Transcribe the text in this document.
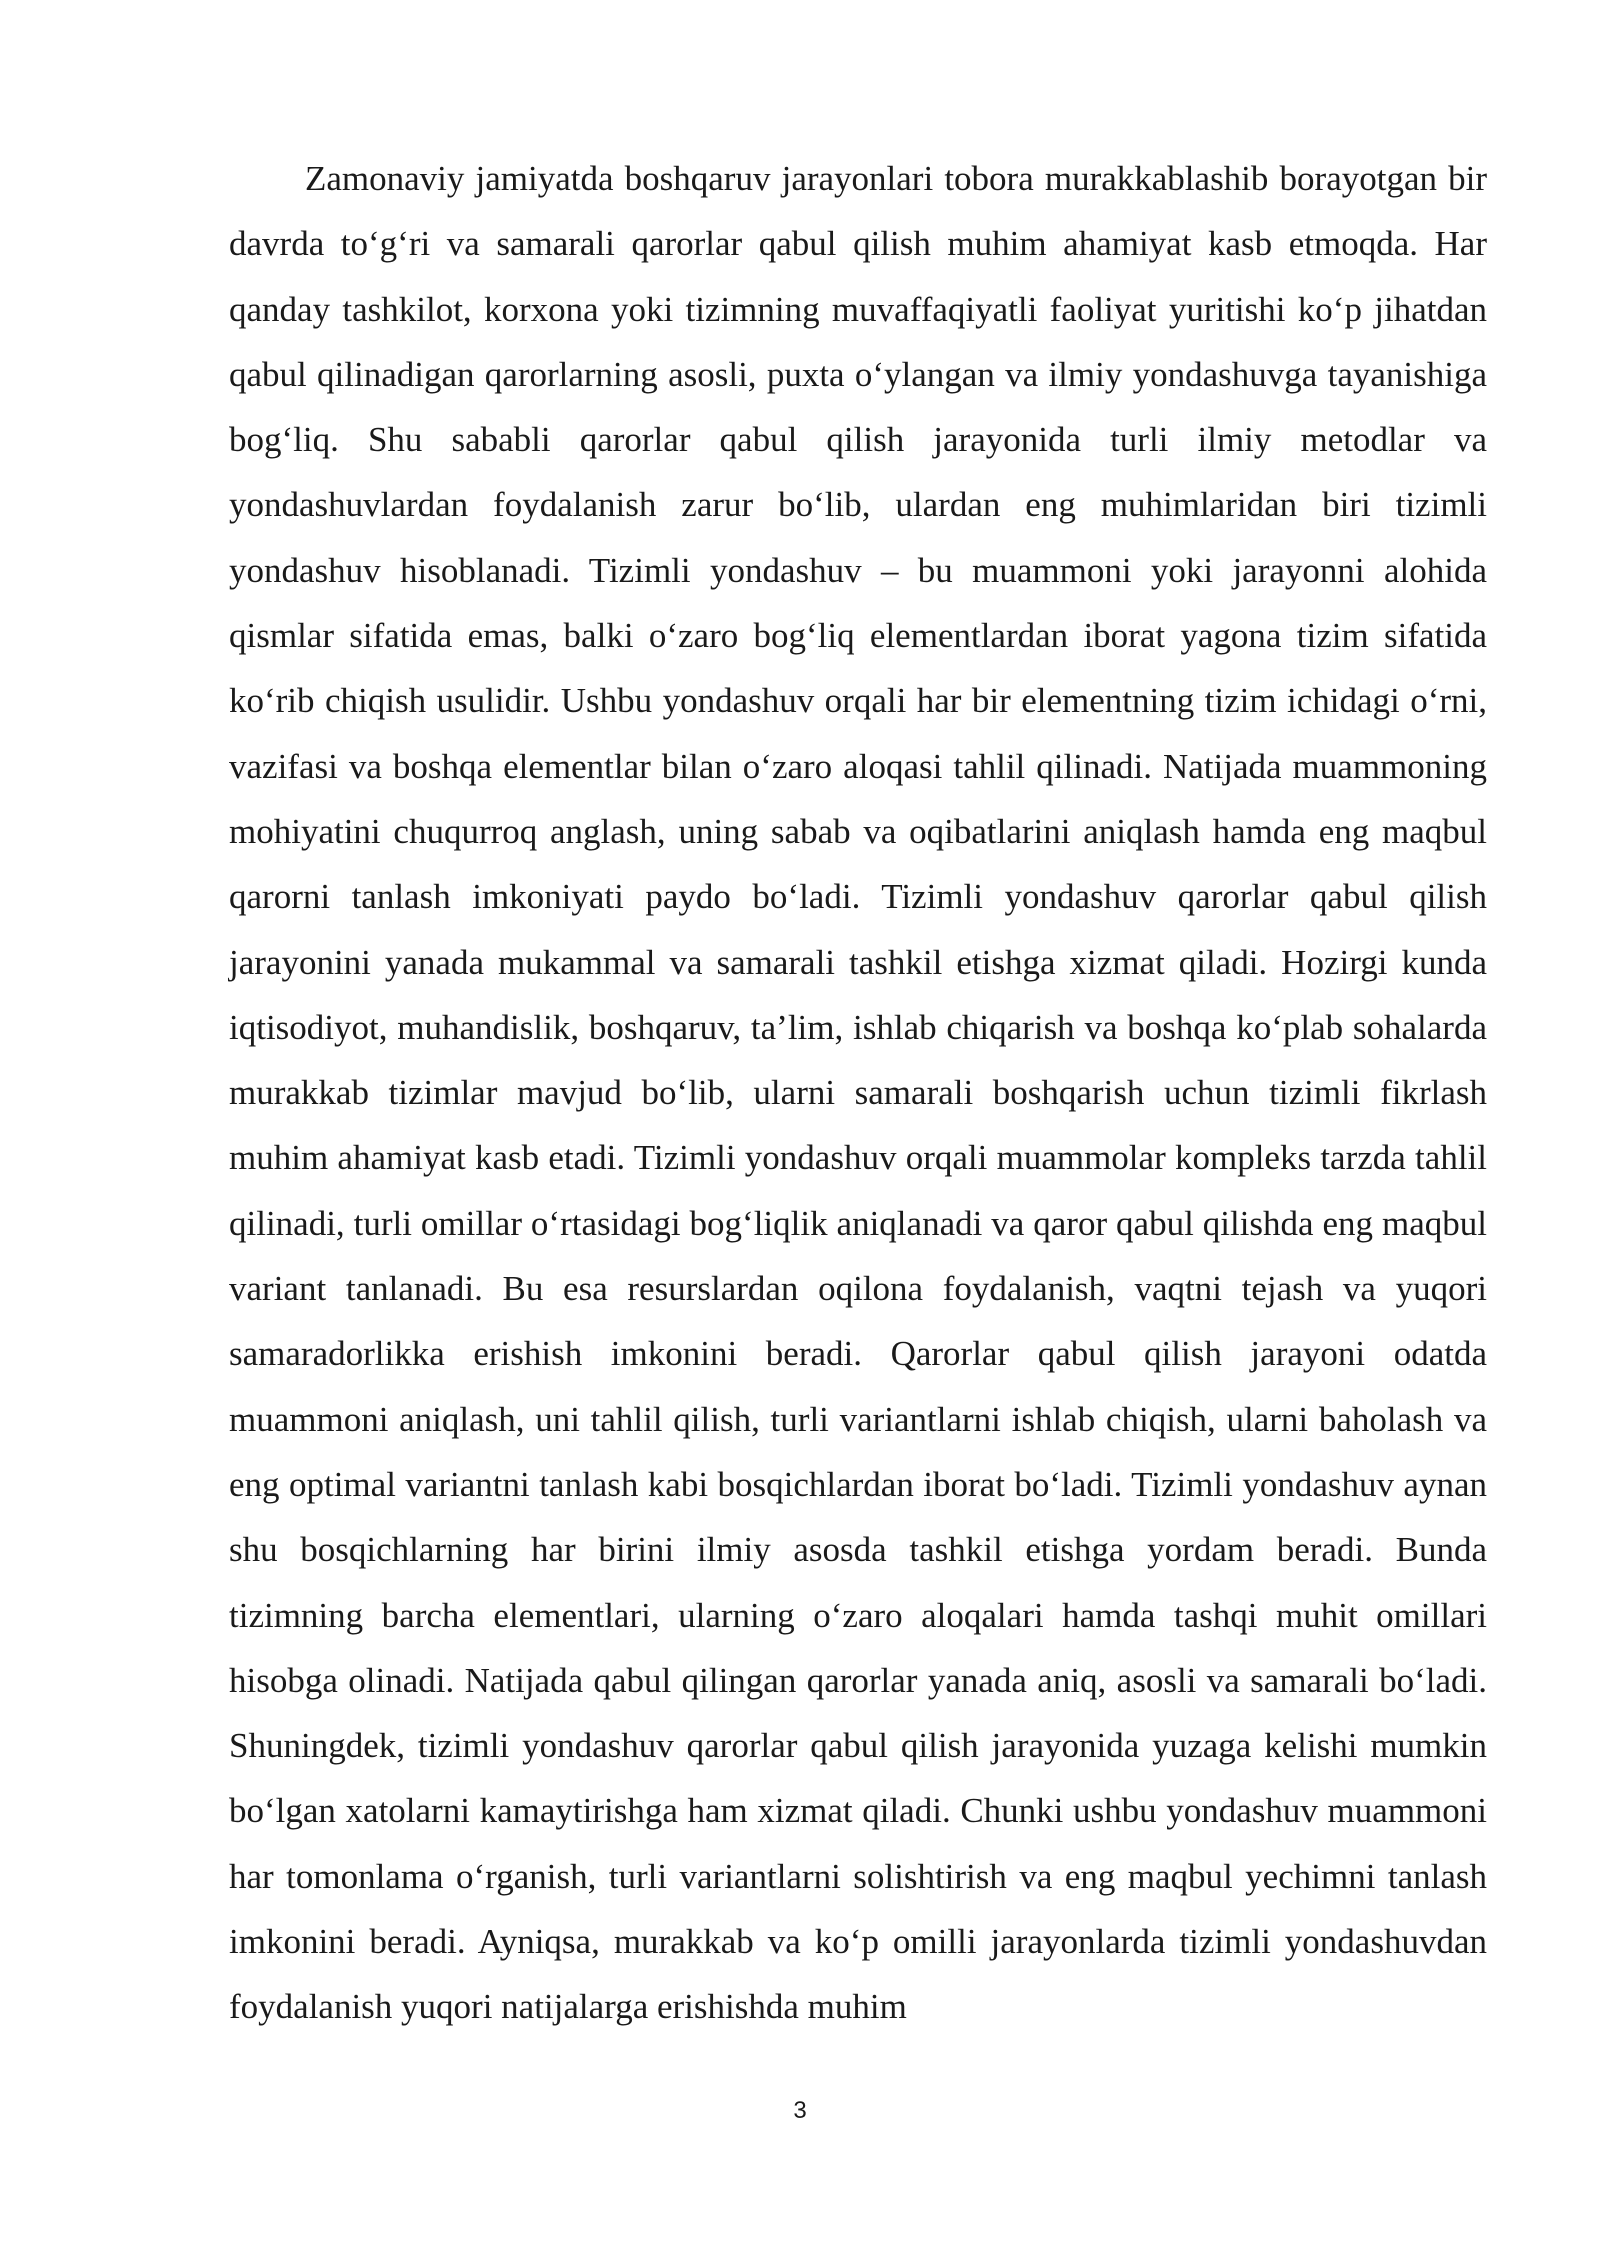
Zamonaviy jamiyatda boshqaruv jarayonlari tobora murakkablashib borayotgan bir davrda to‘g‘ri va samarali qarorlar qabul qilish muhim ahamiyat kasb etmoqda. Har qanday tashkilot, korxona yoki tizimning muvaffaqiyatli faoliyat yuritishi ko‘p jihatdan qabul qilinadigan qarorlarning asosli, puxta o‘ylangan va ilmiy yondashuvga tayanishiga bog‘liq. Shu sababli qarorlar qabul qilish jarayonida turli ilmiy metodlar va yondashuvlardan foydalanish zarur bo‘lib, ulardan eng muhimlaridan biri tizimli yondashuv hisoblanadi. Tizimli yondashuv – bu muammoni yoki jarayonni alohida qismlar sifatida emas, balki o‘zaro bog‘liq elementlardan iborat yagona tizim sifatida ko‘rib chiqish usulidir. Ushbu yondashuv orqali har bir elementning tizim ichidagi o‘rni, vazifasi va boshqa elementlar bilan o‘zaro aloqasi tahlil qilinadi. Natijada muammoning mohiyatini chuqurroq anglash, uning sabab va oqibatlarini aniqlash hamda eng maqbul qarorni tanlash imkoniyati paydo bo‘ladi. Tizimli yondashuv qarorlar qabul qilish jarayonini yanada mukammal va samarali tashkil etishga xizmat qiladi. Hozirgi kunda iqtisodiyot, muhandislik, boshqaruv, ta’lim, ishlab chiqarish va boshqa ko‘plab sohalarda murakkab tizimlar mavjud bo‘lib, ularni samarali boshqarish uchun tizimli fikrlash muhim ahamiyat kasb etadi. Tizimli yondashuv orqali muammolar kompleks tarzda tahlil qilinadi, turli omillar o‘rtasidagi bog‘liqlik aniqlanadi va qaror qabul qilishda eng maqbul variant tanlanadi. Bu esa resurslardan oqilona foydalanish, vaqtni tejash va yuqori samaradorlikka erishish imkonini beradi. Qarorlar qabul qilish jarayoni odatda muammoni aniqlash, uni tahlil qilish, turli variantlarni ishlab chiqish, ularni baholash va eng optimal variantni tanlash kabi bosqichlardan iborat bo‘ladi. Tizimli yondashuv aynan shu bosqichlarning har birini ilmiy asosda tashkil etishga yordam beradi. Bunda tizimning barcha elementlari, ularning o‘zaro aloqalari hamda tashqi muhit omillari hisobga olinadi. Natijada qabul qilingan qarorlar yanada aniq, asosli va samarali bo‘ladi. Shuningdek, tizimli yondashuv qarorlar qabul qilish jarayonida yuzaga kelishi mumkin bo‘lgan xatolarni kamaytirishga ham xizmat qiladi. Chunki ushbu yondashuv muammoni har tomonlama o‘rganish, turli variantlarni solishtirish va eng maqbul yechimni tanlash imkonini beradi. Ayniqsa, murakkab va ko‘p omilli jarayonlarda tizimli yondashuvdan foydalanish yuqori natijalarga erishishda muhim

3
